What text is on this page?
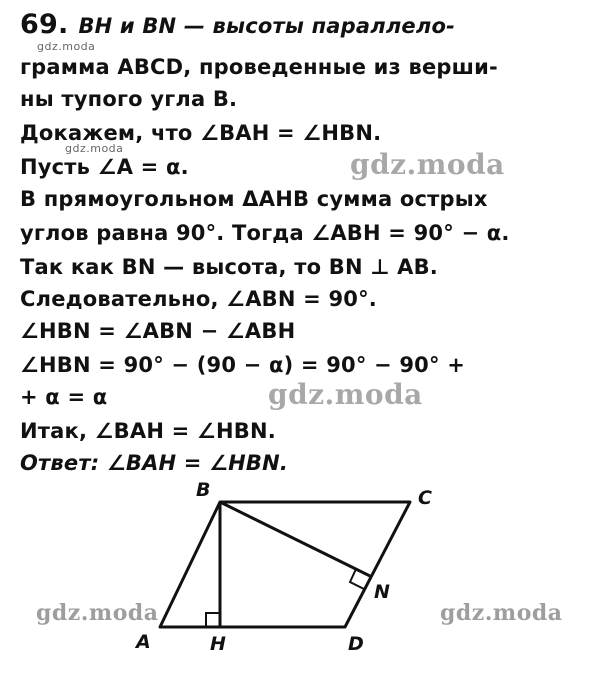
69. BH и BN — высоты параллело-
грамма ABCD, проведенные из верши-
ны тупого угла B.
Докажем, что ∠BAH = ∠HBN.
Пусть ∠A = α.
В прямоугольном ΔAHB сумма острых
углов равна 90°. Тогда ∠ABH = 90° − α.
Так как BN — высота, то BN ⊥ AB.
Следовательно, ∠ABN = 90°.
∠HBN = ∠ABN − ∠ABH
∠HBN = 90° − (90 − α) = 90° − 90° +
+ α = α
Итак, ∠BAH = ∠HBN.
Ответ: ∠BAH = ∠HBN.
gdz.moda
gdz.moda	gdz.moda
gdz.moda
gdz.moda	gdz.moda
B	C
N
A	H	D
